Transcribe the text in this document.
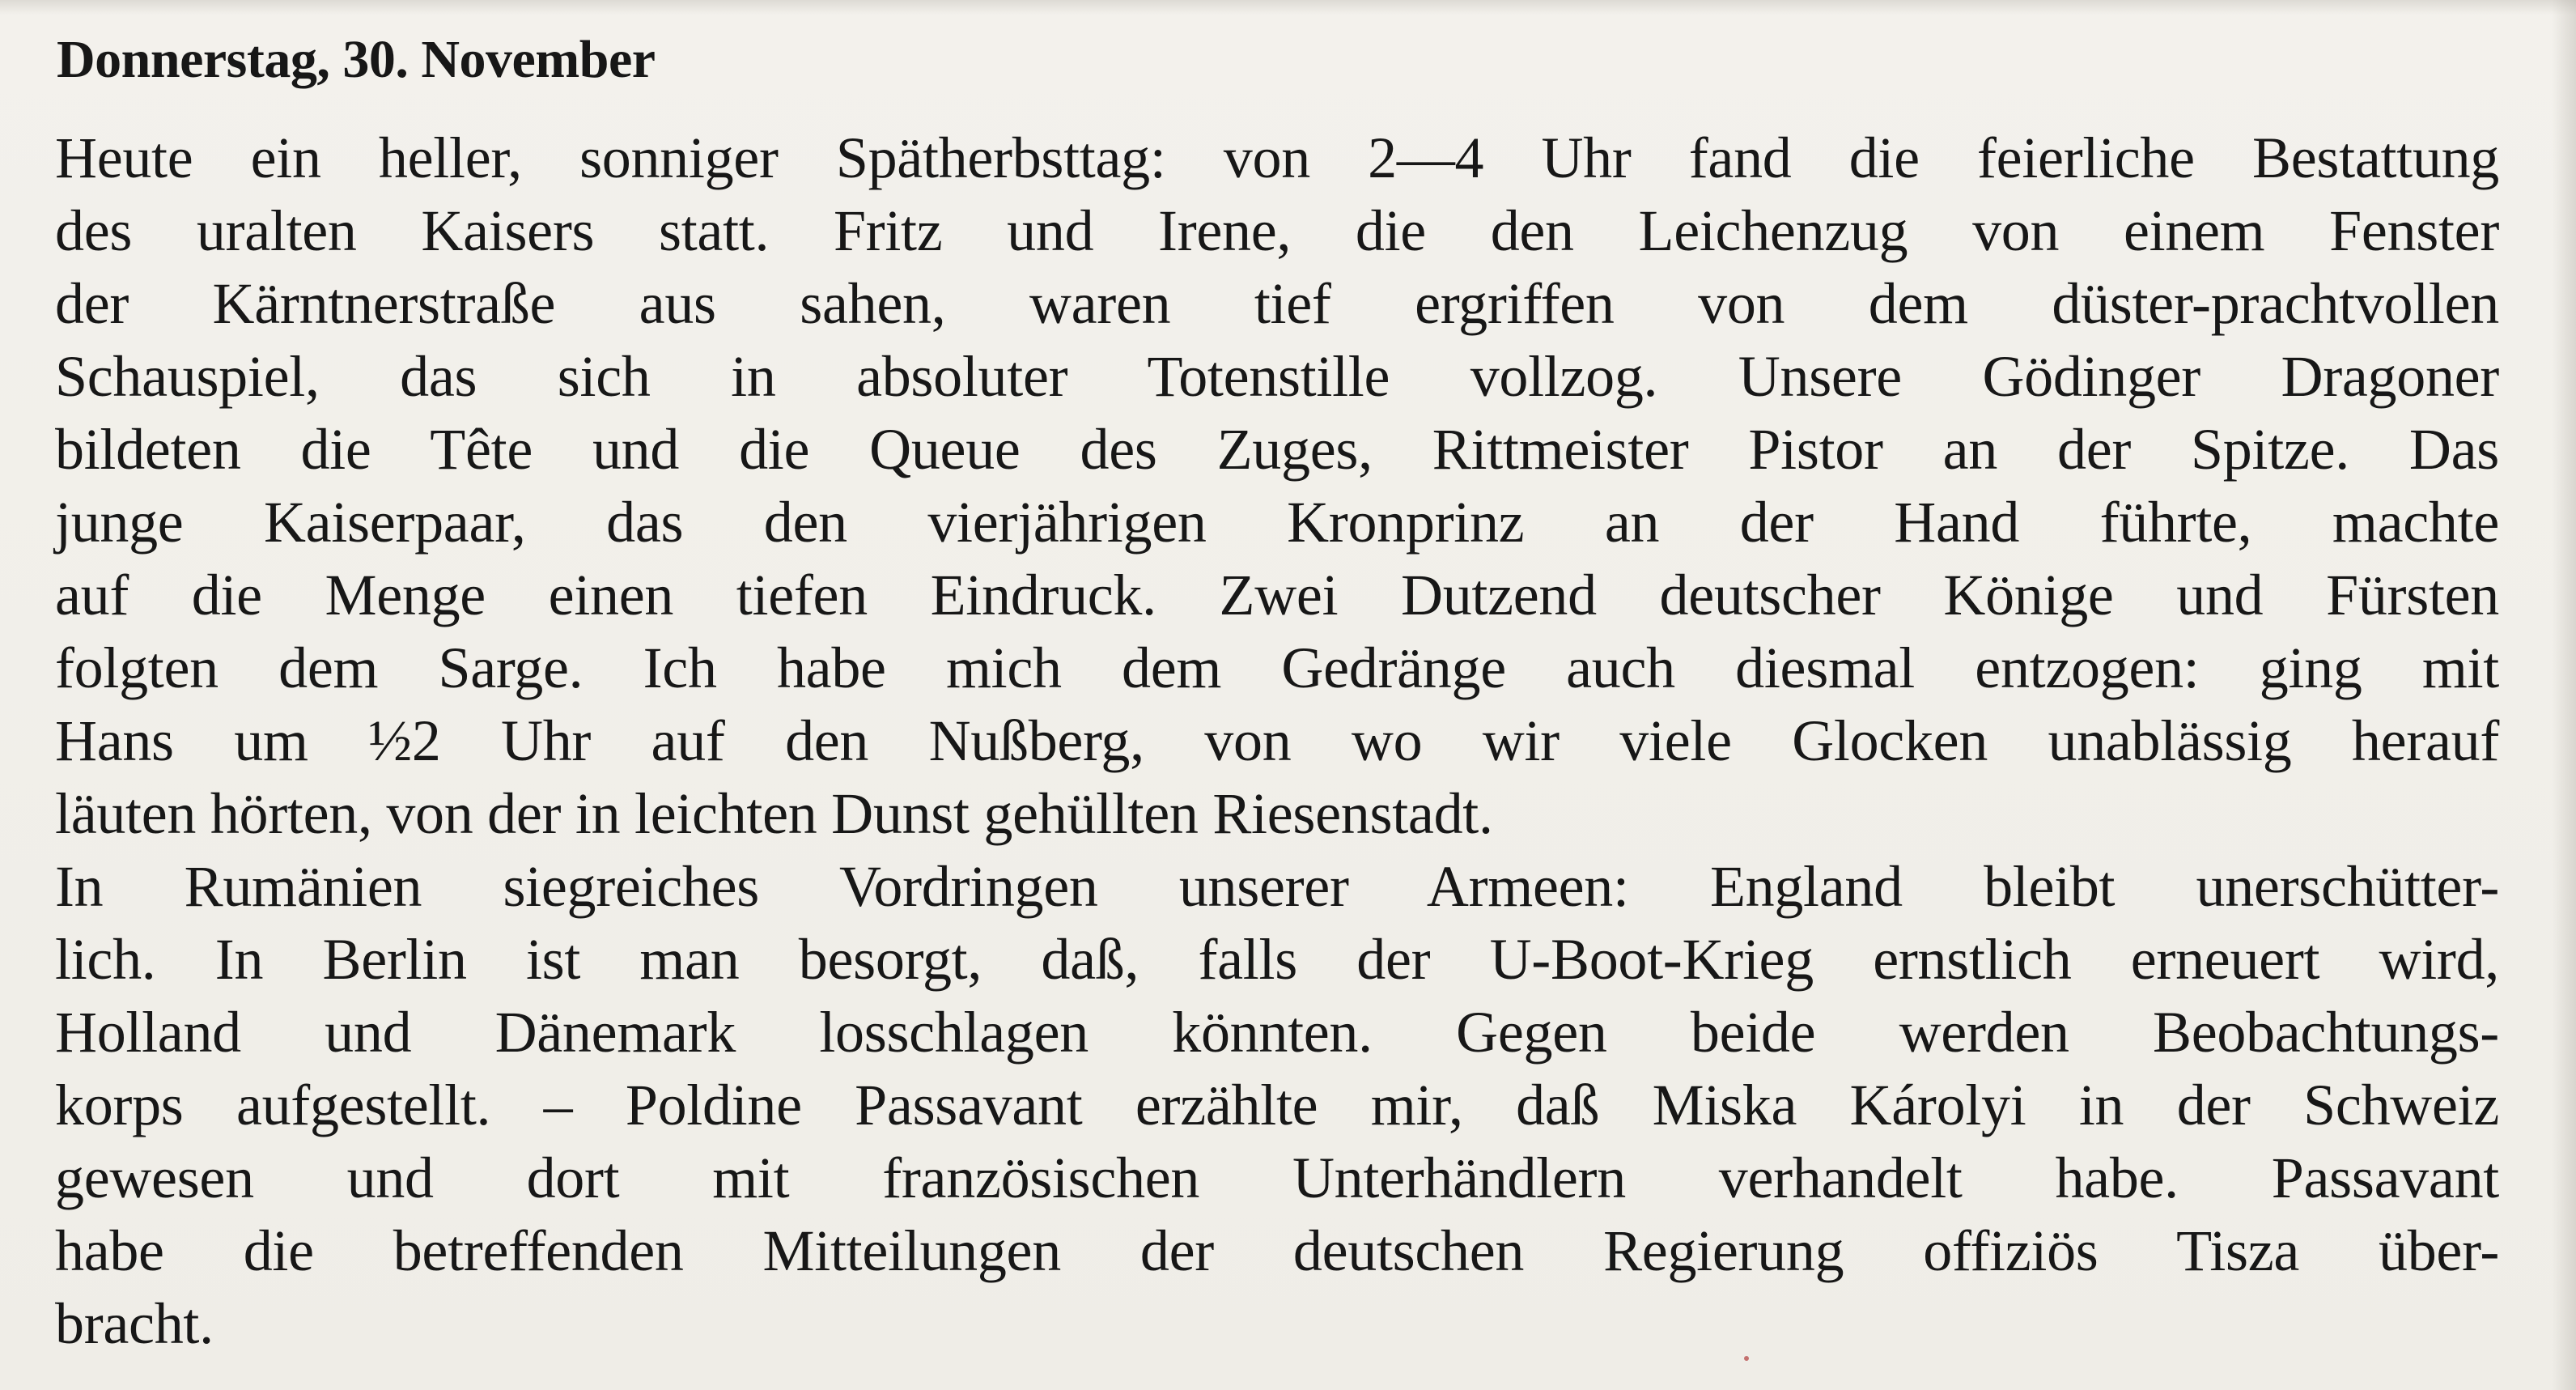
Donnerstag, 30. November
Heute ein heller, sonniger Spätherbsttag: von 2—4 Uhr fand die feierliche Bestattung
des uralten Kaisers statt. Fritz und Irene, die den Leichenzug von einem Fenster
der Kärntnerstraße aus sahen, waren tief ergriffen von dem düster-prachtvollen
Schauspiel, das sich in absoluter Totenstille vollzog. Unsere Gödinger Dragoner
bildeten die Tête und die Queue des Zuges, Rittmeister Pistor an der Spitze. Das
junge Kaiserpaar, das den vierjährigen Kronprinz an der Hand führte, machte
auf die Menge einen tiefen Eindruck. Zwei Dutzend deutscher Könige und Fürsten
folgten dem Sarge. Ich habe mich dem Gedränge auch diesmal entzogen: ging mit
Hans um ½2 Uhr auf den Nußberg, von wo wir viele Glocken unablässig herauf
läuten hörten, von der in leichten Dunst gehüllten Riesenstadt.
In Rumänien siegreiches Vordringen unserer Armeen: England bleibt unerschütter-
lich. In Berlin ist man besorgt, daß, falls der U-Boot-Krieg ernstlich erneuert wird,
Holland und Dänemark losschlagen könnten. Gegen beide werden Beobachtungs-
korps aufgestellt. – Poldine Passavant erzählte mir, daß Miska Károlyi in der Schweiz
gewesen und dort mit französischen Unterhändlern verhandelt habe. Passavant
habe die betreffenden Mitteilungen der deutschen Regierung offiziös Tisza über-
bracht.
